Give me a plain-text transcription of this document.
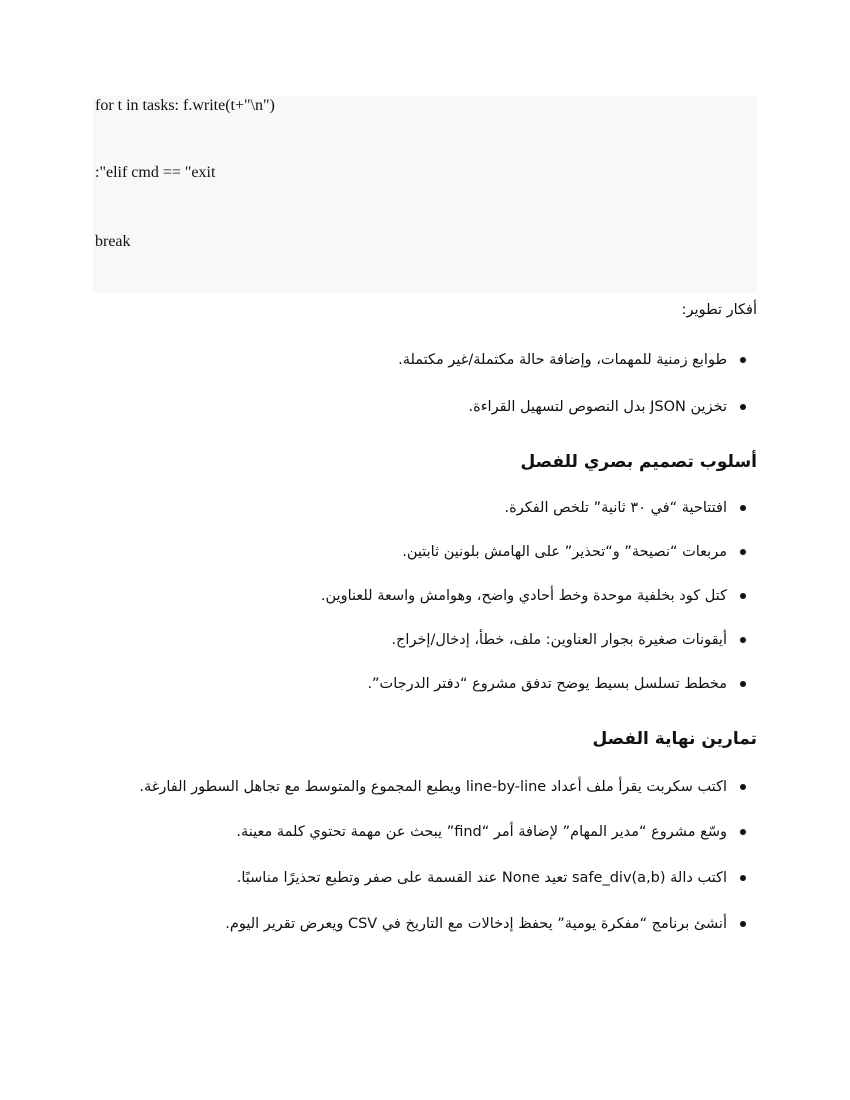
for t in tasks: f.write(t+"\n")
:"elif cmd == "exit
break
أفكار تطوير:
طوابع زمنية للمهمات، وإضافة حالة مكتملة/غير مكتملة.
تخزين JSON بدل النصوص لتسهيل القراءة.
أسلوب تصميم بصري للفصل
افتتاحية “في ٣٠ ثانية” تلخص الفكرة.
مربعات “نصيحة” و“تحذير” على الهامش بلونين ثابتين.
كتل كود بخلفية موحدة وخط أحادي واضح، وهوامش واسعة للعناوين.
أيقونات صغيرة بجوار العناوين: ملف، خطأ، إدخال/إخراج.
مخطط تسلسل بسيط يوضح تدفق مشروع “دفتر الدرجات”.
تمارين نهاية الفصل
اكتب سكربت يقرأ ملف أعداد line-by-line ويطبع المجموع والمتوسط مع تجاهل السطور الفارغة.
وسّع مشروع “مدير المهام” لإضافة أمر “find” يبحث عن مهمة تحتوي كلمة معينة.
اكتب دالة safe_div(a,b) تعيد None عند القسمة على صفر وتطبع تحذيرًا مناسبًا.
أنشئ برنامج “مفكرة يومية” يحفظ إدخالات مع التاريخ في CSV ويعرض تقرير اليوم.
